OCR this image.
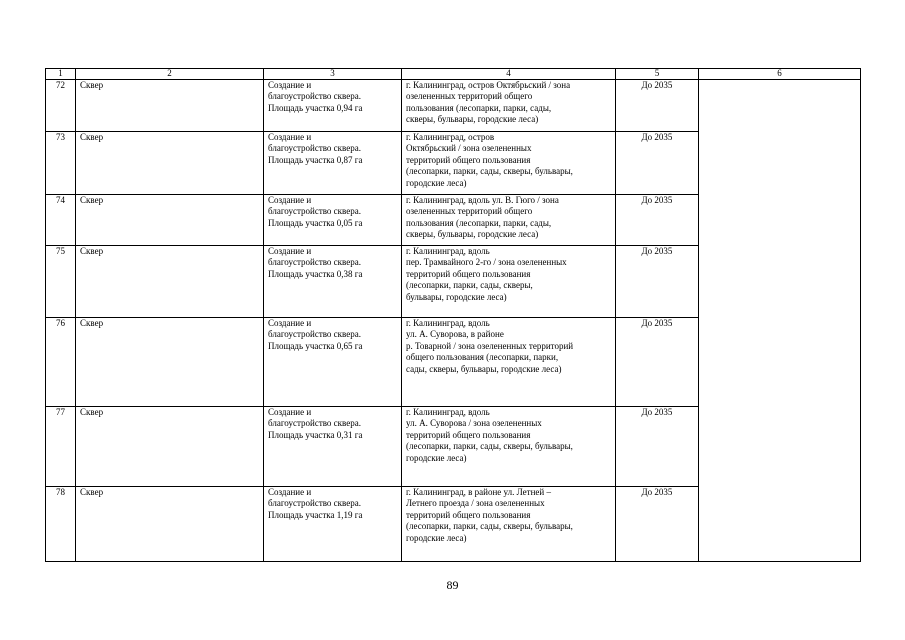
1	2	3	4	5	6
72	Сквер	Создание и
благоустройство сквера.
Площадь участка 0,94 га	г. Калининград, остров Октябрьский / зона
озелененных территорий общего
пользования (лесопарки, парки, сады,
скверы, бульвары, городские леса)	До 2035	
73	Сквер	Создание и
благоустройство сквера.
Площадь участка 0,87 га	г. Калининград, остров
Октябрьский / зона озелененных
территорий общего пользования
(лесопарки, парки, сады, скверы, бульвары,
городские леса)	До 2035	
74	Сквер	Создание и
благоустройство сквера.
Площадь участка 0,05 га	г. Калининград, вдоль ул. В. Гюго / зона
озелененных территорий общего
пользования (лесопарки, парки, сады,
скверы, бульвары, городские леса)	До 2035	
75	Сквер	Создание и
благоустройство сквера.
Площадь участка 0,38 га	г. Калининград, вдоль
пер. Трамвайного 2-го / зона озелененных
территорий общего пользования
(лесопарки, парки, сады, скверы,
бульвары, городские леса)	До 2035	
76	Сквер	Создание и
благоустройство сквера.
Площадь участка 0,65 га	г. Калининград, вдоль
ул. А. Суворова, в районе
р. Товарной / зона озелененных территорий
общего пользования (лесопарки, парки,
сады, скверы, бульвары, городские леса)	До 2035	
77	Сквер	Создание и
благоустройство сквера.
Площадь участка 0,31 га	г. Калининград, вдоль
ул. А. Суворова / зона озелененных
территорий общего пользования
(лесопарки, парки, сады, скверы, бульвары,
городские леса)	До 2035	
78	Сквер	Создание и
благоустройство сквера.
Площадь участка 1,19 га	г. Калининград, в районе ул. Летней –
Летнего проезда / зона озелененных
территорий общего пользования
(лесопарки, парки, сады, скверы, бульвары,
городские леса)	До 2035	
89
